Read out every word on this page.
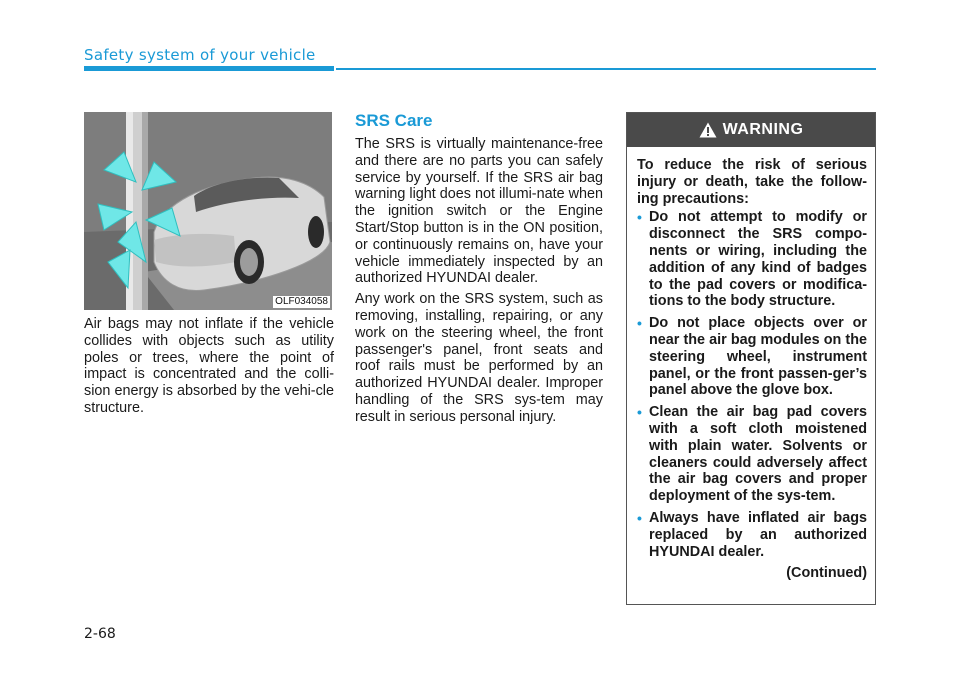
Safety system of your vehicle
OLF034058

Air bags may not inflate if the vehicle collides with objects such as utility poles or trees, where the point of impact is concentrated and the colli-sion energy is absorbed by the vehi-cle structure.

SRS Care

The SRS is virtually maintenance-free and there are no parts you can safely service by yourself. If the SRS air bag warning light does not illumi-nate when the ignition switch or the Engine Start/Stop button is in the ON position, or continuously remains on, have your vehicle immediately inspected by an authorized HYUNDAI dealer.

Any work on the SRS system, such as removing, installing, repairing, or any work on the steering wheel, the front passenger's panel, front seats and roof rails must be performed by an authorized HYUNDAI dealer. Improper handling of the SRS sys-tem may result in serious personal injury.

WARNING

To reduce the risk of serious injury or death, take the follow-ing precautions:

• Do not attempt to modify or disconnect the SRS compo-nents or wiring, including the addition of any kind of badges to the pad covers or modifica-tions to the body structure.
• Do not place objects over or near the air bag modules on the steering wheel, instrument panel, or the front passen-ger’s panel above the glove box.
• Clean the air bag pad covers with a soft cloth moistened with plain water. Solvents or cleaners could adversely affect the air bag covers and proper deployment of the sys-tem.
• Always have inflated air bags replaced by an authorized HYUNDAI dealer.
(Continued)
2-68
